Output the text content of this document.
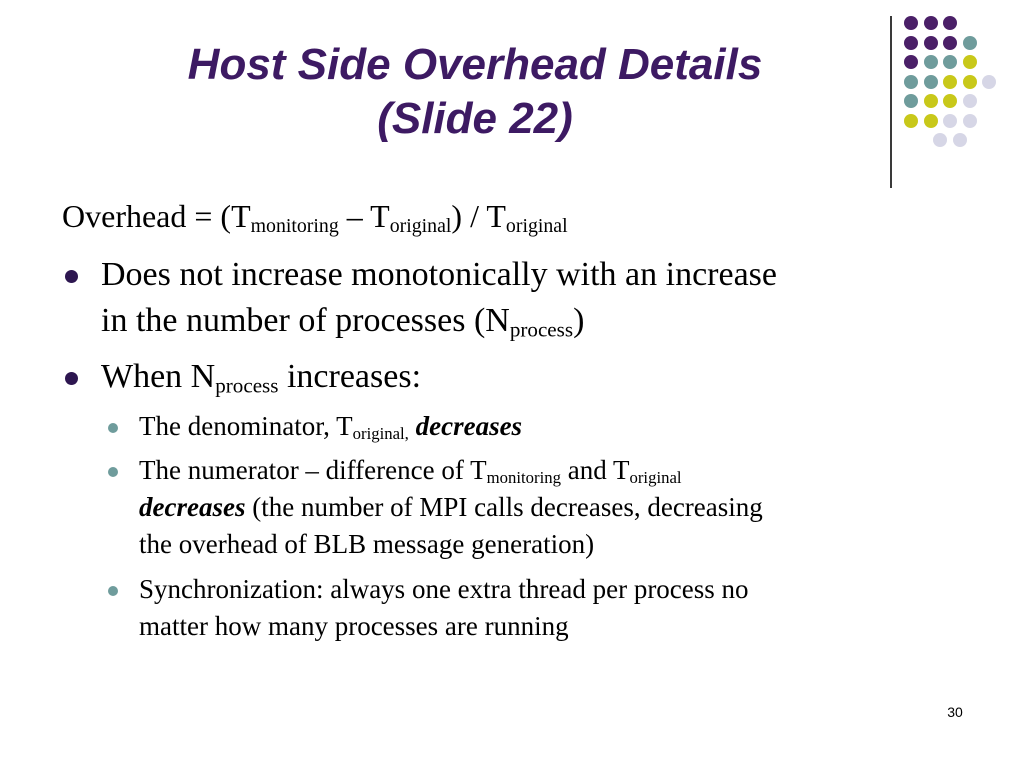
Host Side Overhead Details
(Slide 22)
Overhead = $(T_{monitoring} - T_{original}) / T_{original}$
Does not increase monotonically with an increase
in the number of processes $(N_{process})$
When $N_{process}$ increases:
The denominator, $T_{original,}$ decreases
The numerator – difference of $T_{monitoring}$ and $T_{original}$
decreases (the number of MPI calls decreases, decreasing
the overhead of BLB message generation)
Synchronization: always one extra thread per process no
matter how many processes are running
30
